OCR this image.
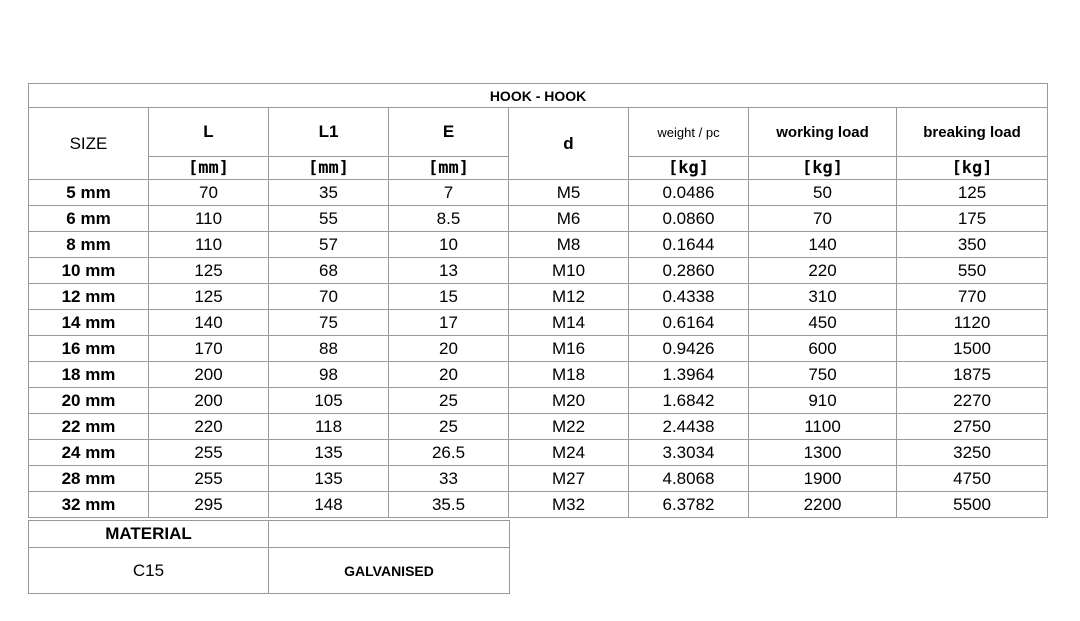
HOOK - HOOK							
SIZE	L	L1	E	d	weight / pc	working load	breaking load
	[mm]	[mm]	[mm]		[kg]	[kg]	[kg]
5 mm	70	35	7	M5	0.0486	50	125
6 mm	110	55	8.5	M6	0.0860	70	175
8 mm	110	57	10	M8	0.1644	140	350
10 mm	125	68	13	M10	0.2860	220	550
12 mm	125	70	15	M12	0.4338	310	770
14 mm	140	75	17	M14	0.6164	450	1120
16 mm	170	88	20	M16	0.9426	600	1500
18 mm	200	98	20	M18	1.3964	750	1875
20 mm	200	105	25	M20	1.6842	910	2270
22 mm	220	118	25	M22	2.4438	1100	2750
24 mm	255	135	26.5	M24	3.3034	1300	3250
28 mm	255	135	33	M27	4.8068	1900	4750
32 mm	295	148	35.5	M32	6.3782	2200	5500
MATERIAL	
C15	GALVANISED
